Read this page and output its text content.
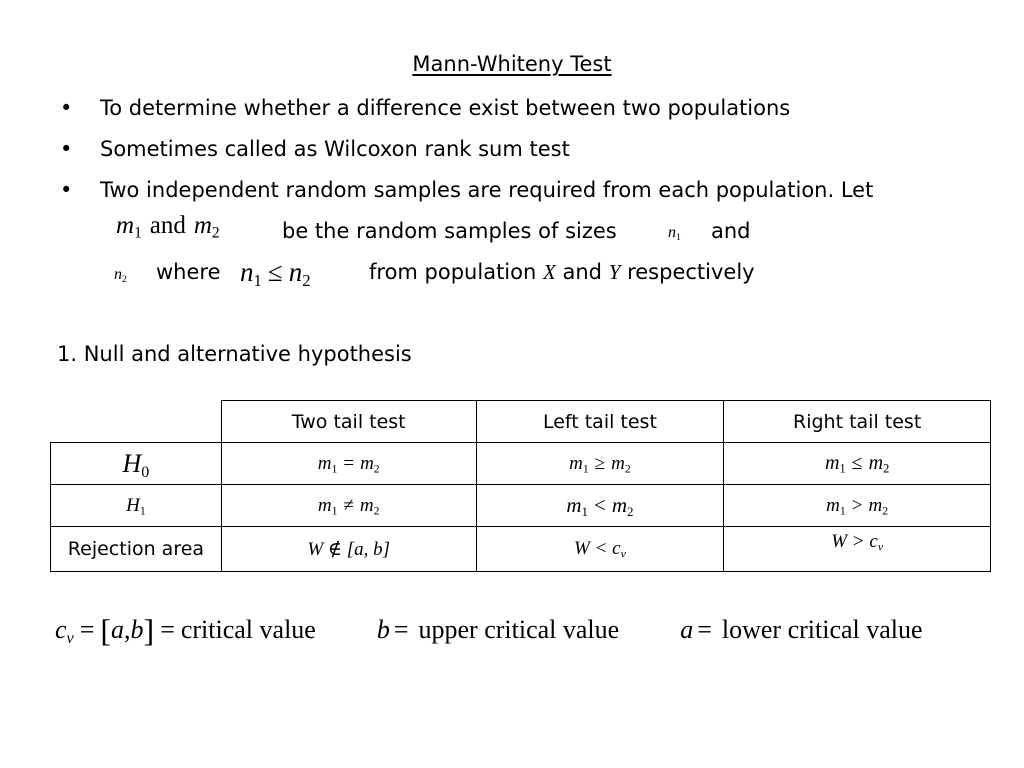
Mann-Whiteny Test
• To determine whether a difference exist between two populations
• Sometimes called as Wilcoxon rank sum test
• Two independent random samples are required from each population. Let
$m_1$ and $m_2$	be the random samples of sizes	$n_1$ and
$n_2$ where $n_1 \le n_2$	from population X and Y respectively
1. Null and alternative hypothesis
	Two tail test	Left tail test	Right tail test
$H_0$	$m_1 = m_2$	$m_1 \ge m_2$	$m_1 \le m_2$
$H_1$	$m_1 \ne m_2$	$m_1 < m_2$	$m_1 > m_2$
Rejection area	W ∉ [a, b]	$W < c_v$	$W > c_v$
$c_v = [a,b]$ = critical value b = upper critical value a = lower critical value
